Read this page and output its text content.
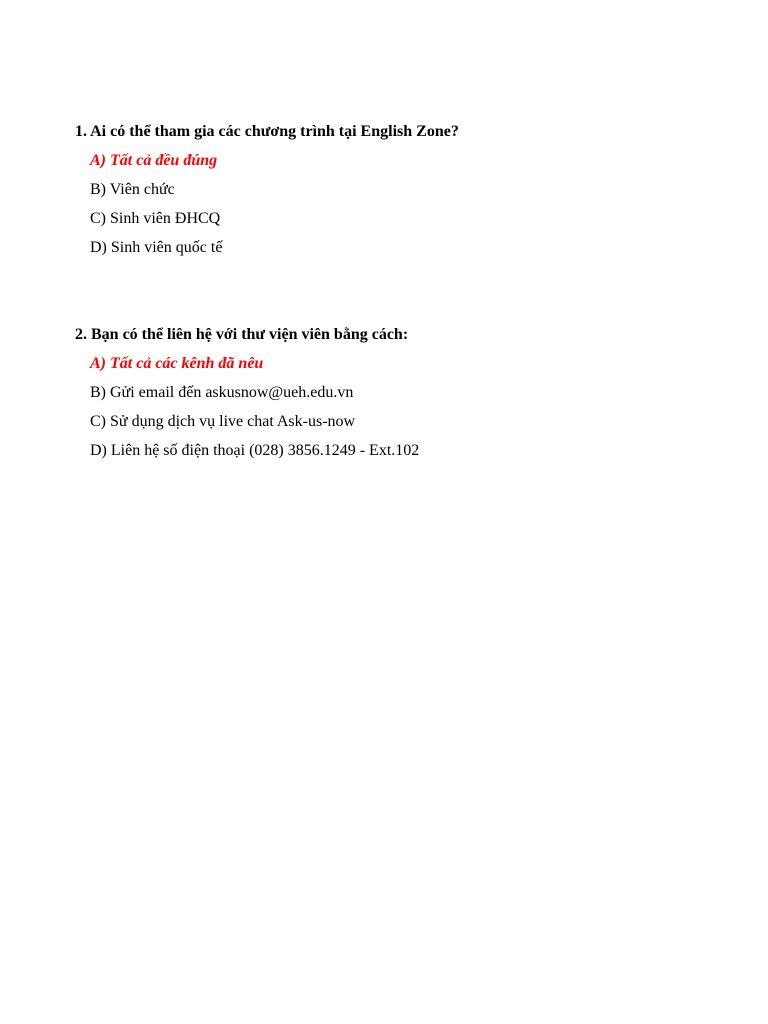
1. Ai có thể tham gia các chương trình tại English Zone?
A) Tất cả đều đúng
B) Viên chức
C) Sinh viên ĐHCQ
D) Sinh viên quốc tế
2. Bạn có thể liên hệ với thư viện viên bằng cách:
A) Tất cả các kênh đã nêu
B) Gửi email đến askusnow@ueh.edu.vn
C) Sử dụng dịch vụ live chat Ask-us-now
D) Liên hệ số điện thoại (028) 3856.1249 - Ext.102
